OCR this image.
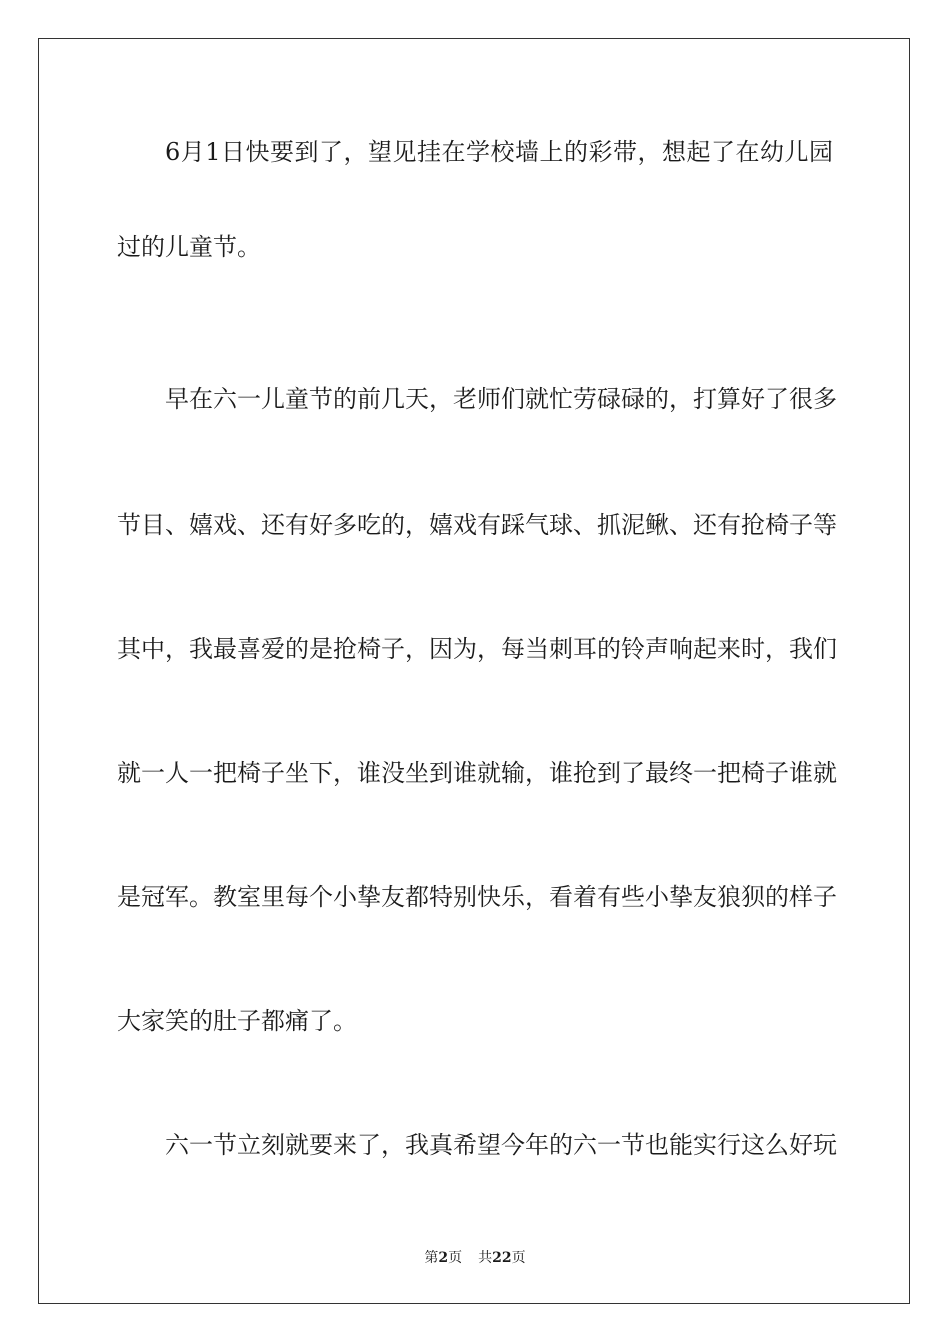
6月1日快要到了，望见挂在学校墙上的彩带，想起了在幼儿园

过的儿童节。

早在六一儿童节的前几天，老师们就忙劳碌碌的，打算好了很多

节目、嬉戏、还有好多吃的，嬉戏有踩气球、抓泥鳅、还有抢椅子等

其中，我最喜爱的是抢椅子，因为，每当刺耳的铃声响起来时，我们

就一人一把椅子坐下，谁没坐到谁就输，谁抢到了最终一把椅子谁就

是冠军。教室里每个小挚友都特别快乐，看着有些小挚友狼狈的样子

大家笑的肚子都痛了。

六一节立刻就要来了，我真希望今年的六一节也能实行这么好玩

第2页 共22页
